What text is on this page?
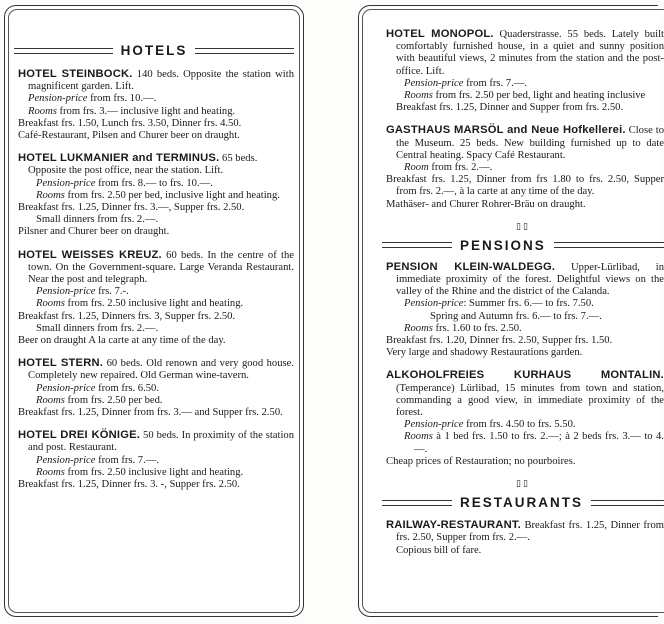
HOTELS

HOTEL STEINBOCK. 140 beds. Opposite the station with magnificent garden. Lift.

Pension-price from frs. 10.—.

Rooms from frs. 3.— inclusive light and heating.

Breakfast frs. 1.50, Lunch frs. 3.50, Dinner frs. 4.50.

Café-Restaurant, Pilsen and Churer beer on draught.

HOTEL LUKMANIER and TERMINUS. 65 beds.

Opposite the post office, near the station. Lift.

Pension-price from frs. 8.— to frs. 10.—.

Rooms from frs. 2.50 per bed, inclusive light and heating.

Breakfast frs. 1.25, Dinner frs. 3.—, Supper frs. 2.50.

Small dinners from frs. 2.—.

Pilsner and Churer beer on draught.

HOTEL WEISSES KREUZ. 60 beds. In the centre of the town. On the Government-square. Large Veranda Restaurant. Near the post and telegraph.

Pension-price frs. 7.-.

Rooms from frs. 2.50 inclusive light and heating.

Breakfast frs. 1.25, Dinners frs. 3, Supper frs. 2.50.

Small dinners from frs. 2.—.

Beer on draught A la carte at any time of the day.

HOTEL STERN. 60 beds. Old renown and very good house. Completely new repaired. Old German wine-tavern.

Pension-price from frs. 6.50.

Rooms from frs. 2.50 per bed.

Breakfast frs. 1.25, Dinner from frs. 3.— and Supper frs. 2.50.

HOTEL DREI KÖNIGE. 50 beds. In proximity of the station and post. Restaurant.

Pension-price from frs. 7.—.

Rooms from frs. 2.50 inclusive light and heating.

Breakfast frs. 1.25, Dinner frs. 3. -, Supper frs. 2.50.

HOTEL MONOPOL. Quaderstrasse. 55 beds. Lately built comfortably furnished house, in a quiet and sunny position with beautiful views, 2 minutes from the station and the post-office. Lift.

Pension-price from frs. 7.—.

Rooms from frs. 2.50 per bed, light and heating inclusive

Breakfast frs. 1.25, Dinner and Supper from frs. 2.50.

GASTHAUS MARSÖL and Neue Hofkellerei. Close to the Museum. 25 beds. New building furnished up to date Central heating. Spacy Café Restaurant.

Room from frs. 2.—.

Breakfast frs. 1.25, Dinner from frs 1.80 to frs. 2.50, Supper from frs. 2.—, à la carte at any time of the day.

Mathäser- and Churer Rohrer-Bräu on draught.

▯▯
PENSIONS

PENSION KLEIN-WALDEGG. Upper-Lürlibad, in immediate proximity of the forest. Delightful views on the valley of the Rhine and the district of the Calanda.

Pension-price: Summer frs. 6.— to frs. 7.50.

Spring and Autumn frs. 6.— to frs. 7.—.

Rooms frs. 1.60 to frs. 2.50.

Breakfast frs. 1.20, Dinner frs. 2.50, Supper frs. 1.50.

Very large and shadowy Restaurations garden.

ALKOHOLFREIES KURHAUS MONTALIN. (Temperance) Lürlibad, 15 minutes from town and station, commanding a good view, in immediate proximity of the forest.

Pension-price from frs. 4.50 to frs. 5.50.

Rooms à 1 bed frs. 1.50 to frs. 2.—; à 2 beds frs. 3.— to 4.—.

Cheap prices of Restauration; no pourboires.

▯▯
RESTAURANTS

RAILWAY-RESTAURANT. Breakfast frs. 1.25, Dinner from frs. 2.50, Supper from frs. 2.—.

Copious bill of fare.
